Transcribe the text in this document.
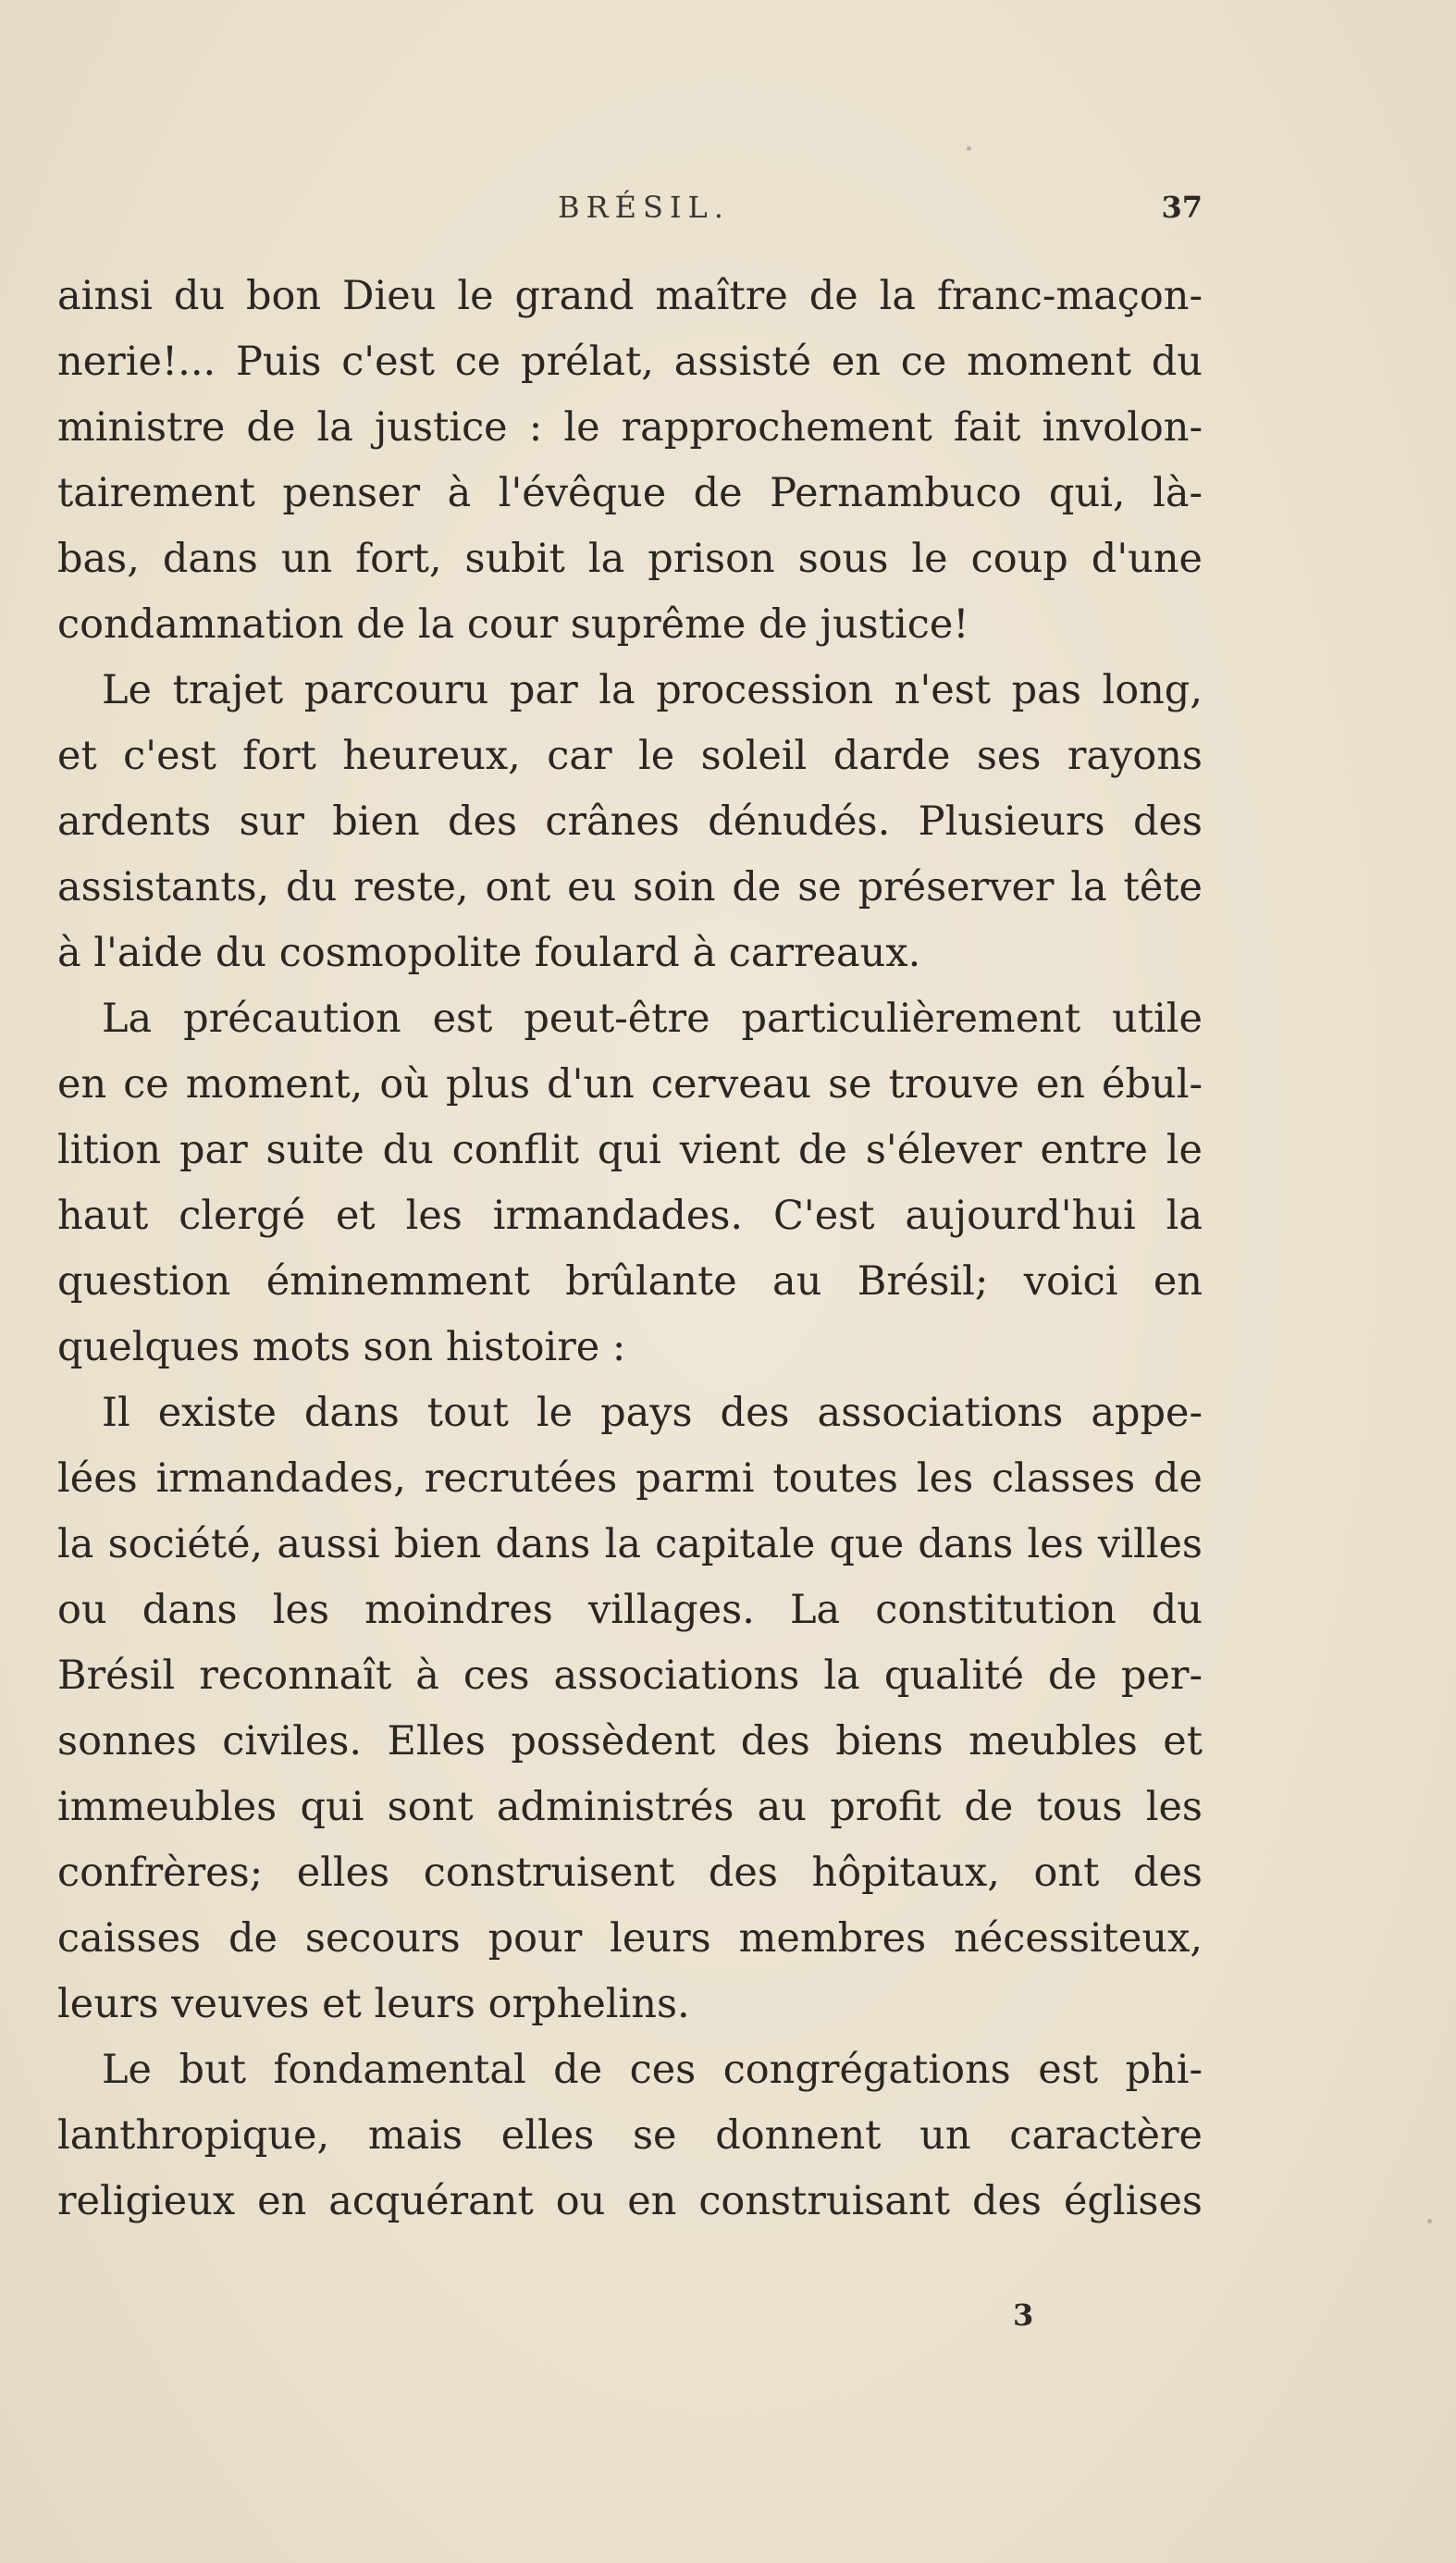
BRÉSIL.	37
ainsi du bon Dieu le grand maître de la franc-maçon-
nerie!... Puis c'est ce prélat, assisté en ce moment du
ministre de la justice : le rapprochement fait involon-
tairement penser à l'évêque de Pernambuco qui, là-
bas, dans un fort, subit la prison sous le coup d'une
condamnation de la cour suprême de justice!
Le trajet parcouru par la procession n'est pas long,
et c'est fort heureux, car le soleil darde ses rayons
ardents sur bien des crânes dénudés. Plusieurs des
assistants, du reste, ont eu soin de se préserver la tête
à l'aide du cosmopolite foulard à carreaux.
La précaution est peut-être particulièrement utile
en ce moment, où plus d'un cerveau se trouve en ébul-
lition par suite du conflit qui vient de s'élever entre le
haut clergé et les irmandades. C'est aujourd'hui la
question éminemment brûlante au Brésil; voici en
quelques mots son histoire :
Il existe dans tout le pays des associations appe-
lées irmandades, recrutées parmi toutes les classes de
la société, aussi bien dans la capitale que dans les villes
ou dans les moindres villages. La constitution du
Brésil reconnaît à ces associations la qualité de per-
sonnes civiles. Elles possèdent des biens meubles et
immeubles qui sont administrés au profit de tous les
confrères; elles construisent des hôpitaux, ont des
caisses de secours pour leurs membres nécessiteux,
leurs veuves et leurs orphelins.
Le but fondamental de ces congrégations est phi-
lanthropique, mais elles se donnent un caractère
religieux en acquérant ou en construisant des églises
3
